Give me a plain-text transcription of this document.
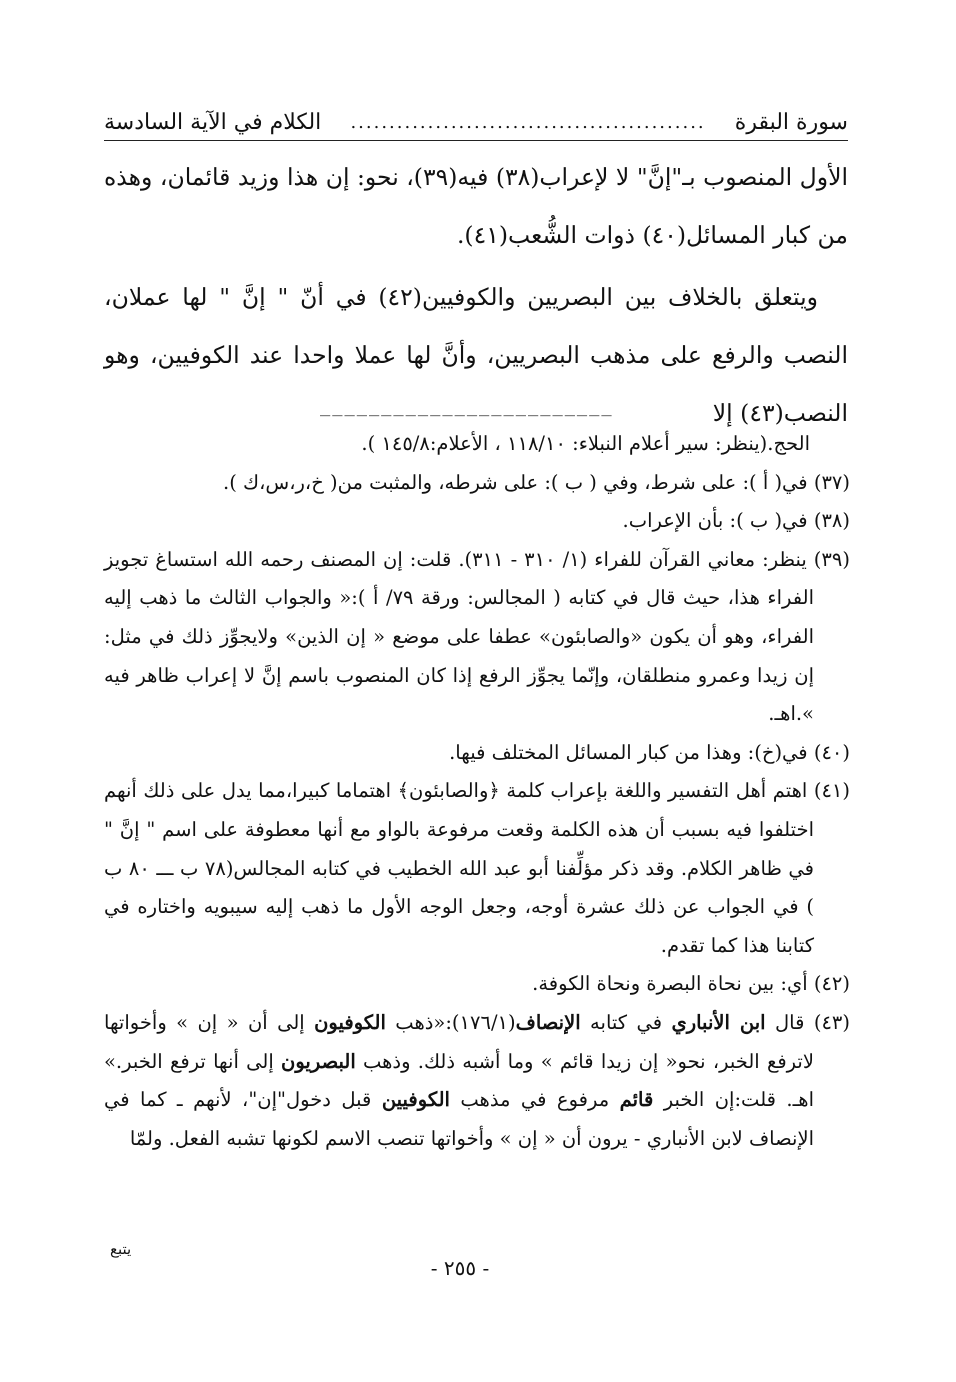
سورة البقرة
..............................................
الكلام في الآية السادسة

الأول المنصوب بـ"إنَّ" لا لإعراب(٣٨) فيه(٣٩)، نحو: إن هذا وزيد قائمان، وهذه من كبار المسائل(٤٠) ذوات الشُّعب(٤١).

ويتعلق بالخلاف بين البصريين والكوفيين(٤٢) في أنّ " إنَّ " لها عملان، النصب والرفع على مذهب البصريين، وأنَّ لها عملا واحدا عند الكوفيين، وهو النصب(٤٣) إلا

________________________

الحج.(ينظر: سير أعلام النبلاء: ١١٨/١٠ ، الأعلام:١٤٥/٨ ).

(٣٧) في( أ ): على شرط، وفي ( ب ): على شرطه، والمثبت من( خ،ر،س،ك ).

(٣٨) في( ب ): بأن الإعراب.

(٣٩) ينظر: معاني القرآن للفراء (١/ ٣١٠ - ٣١١). قلت: إن المصنف رحمه الله استساغ تجويز الفراء هذا، حيث قال في كتابه ( المجالس: ورقة ٧٩/ أ ):« والجواب الثالث ما ذهب إليه الفراء، وهو أن يكون «والصابئون» عطفا على موضع « إن الذين» ولايجوِّز ذلك في مثل: إن زيدا وعمرو منطلقان، وإنّما يجوِّز الرفع إذا كان المنصوب باسم إنَّ لا إعراب ظاهر فيه ».اهـ.

(٤٠) في(خ): وهذا من كبار المسائل المختلف فيها.

(٤١) اهتم أهل التفسير واللغة بإعراب كلمة ﴿والصابئون﴾ اهتماما كبيرا،مما يدل على ذلك أنهم اختلفوا فيه بسبب أن هذه الكلمة وقعت مرفوعة بالواو مع أنها معطوفة على اسم " إنَّ " في ظاهر الكلام. وقد ذكر مؤلِّفنا أبو عبد الله الخطيب في كتابه المجالس(٧٨ ب ـــ ٨٠ ب ) في الجواب عن ذلك عشرة أوجه، وجعل الوجه الأول ما ذهب إليه سيبويه واختاره في كتابنا هذا كما تقدم.

(٤٢) أي: بين نحاة البصرة ونحاة الكوفة.

(٤٣) قال ابن الأنباري في كتابه الإنصاف(١٧٦/١):«ذهب الكوفيون إلى أن « إن » وأخواتها لاترفع الخبر، نحو« إن زيدا قائم » وما أشبه ذلك. وذهب البصريون إلى أنها ترفع الخبر.» اهـ. قلت:إن الخبر قائم مرفوع في مذهب الكوفيين قبل دخول"إن"، لأنهم ـ كما في الإنصاف لابن الأنباري - يرون أن « إن » وأخواتها تنصب الاسم لكونها تشبه الفعل. ولمّا

يتبع
- ٢٥٥ -
